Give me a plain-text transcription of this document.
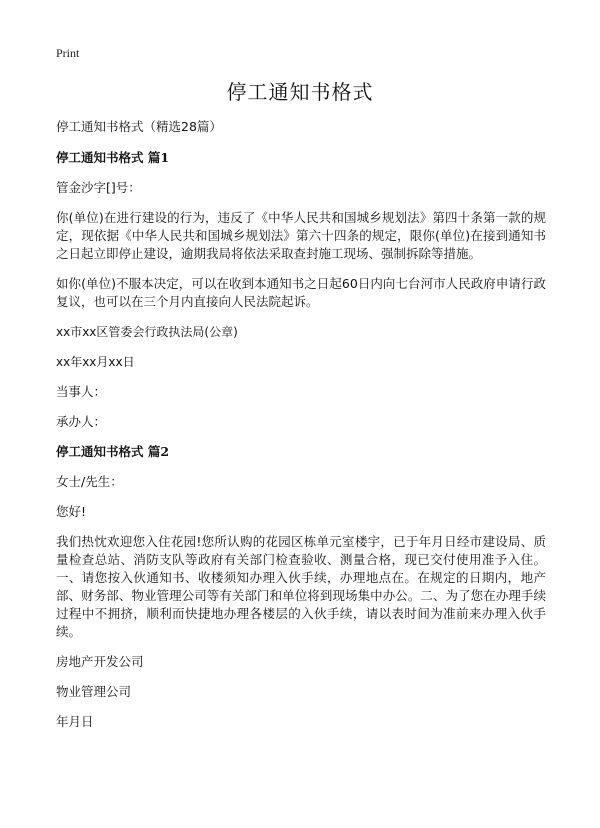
Print
停工通知书格式

停工通知书格式（精选28篇）

停工通知书格式 篇1

管金沙字[]号：

你(单位)在进行建设的行为，违反了《中华人民共和国城乡规划法》第四十条第一款的规定，现依据《中华人民共和国城乡规划法》第六十四条的规定，限你(单位)在接到通知书之日起立即停止建设，逾期我局将依法采取查封施工现场、强制拆除等措施。

如你(单位)不服本决定，可以在收到本通知书之日起60日内向七台河市人民政府申请行政复议，也可以在三个月内直接向人民法院起诉。

xx市xx区管委会行政执法局(公章)

xx年xx月xx日

当事人：

承办人：

停工通知书格式 篇2

女士/先生：

您好!

我们热忱欢迎您入住花园!您所认购的花园区栋单元室楼宇，已于年月日经市建设局、质量检查总站、消防支队等政府有关部门检查验收、测量合格，现已交付使用准予入住。一、请您按入伙通知书、收楼须知办理入伙手续，办理地点在。在规定的日期内，地产部、财务部、物业管理公司等有关部门和单位将到现场集中办公。二、为了您在办理手续过程中不拥挤，顺利而快捷地办理各楼层的入伙手续，请以表时间为准前来办理入伙手续。

房地产开发公司

物业管理公司

年月日
